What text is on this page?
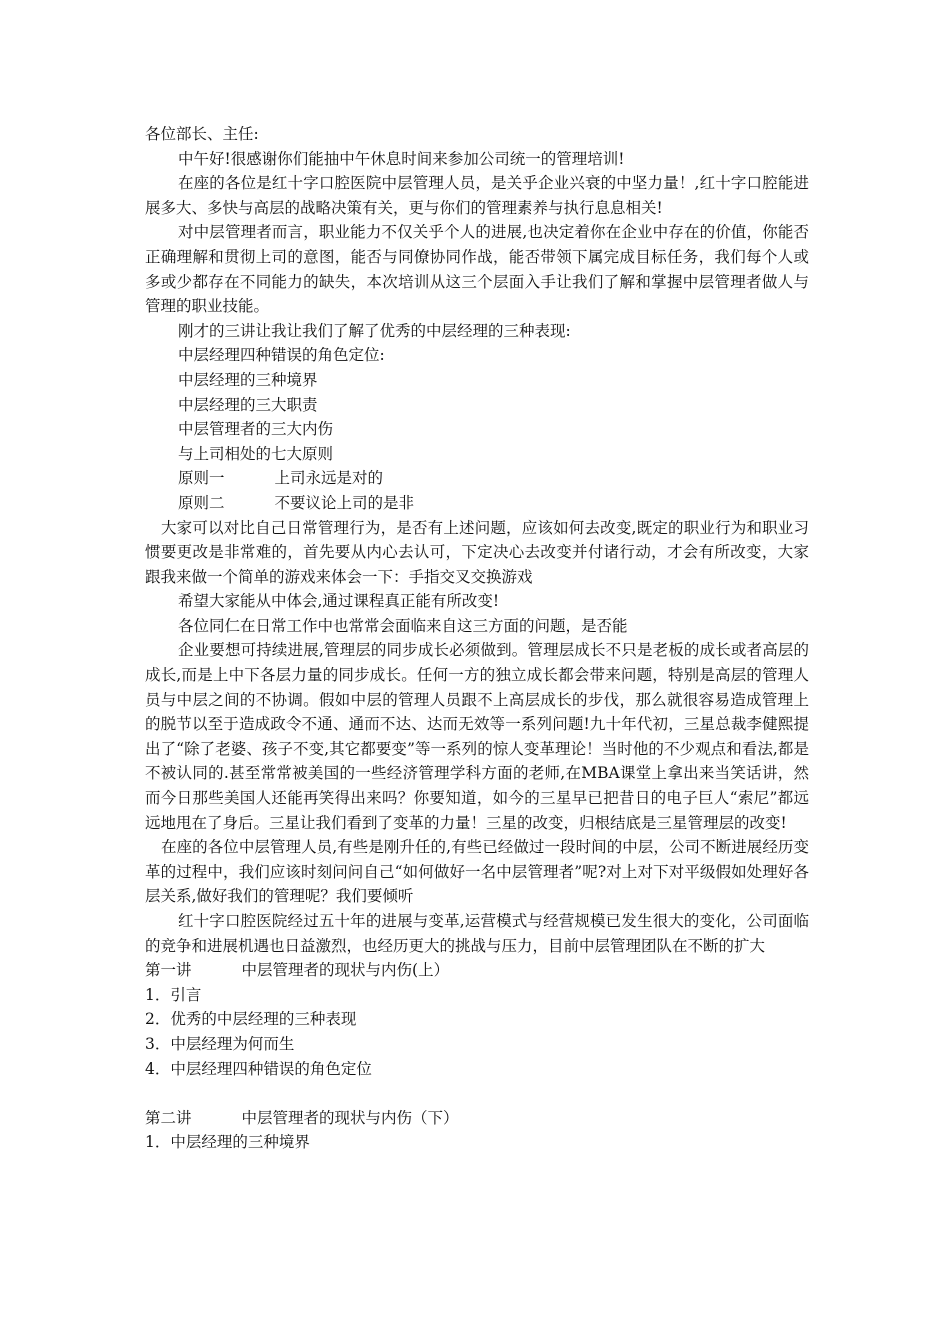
各位部长、主任:

中午好!很感谢你们能抽中午休息时间来参加公司统一的管理培训!

在座的各位是红十字口腔医院中层管理人员，是关乎企业兴衰的中坚力量！,红十字口腔能进展多大、多快与高层的战略决策有关，更与你们的管理素养与执行息息相关!

对中层管理者而言，职业能力不仅关乎个人的进展,也决定着你在企业中存在的价值，你能否正确理解和贯彻上司的意图，能否与同僚协同作战，能否带领下属完成目标任务，我们每个人或多或少都存在不同能力的缺失，本次培训从这三个层面入手让我们了解和掌握中层管理者做人与管理的职业技能。

刚才的三讲让我让我们了解了优秀的中层经理的三种表现:

中层经理四种错误的角色定位:

中层经理的三种境界

中层经理的三大职责

中层管理者的三大内伤

与上司相处的七大原则

原则一	上司永远是对的

原则二	不要议论上司的是非

大家可以对比自己日常管理行为，是否有上述问题，应该如何去改变,既定的职业行为和职业习惯要更改是非常难的，首先要从内心去认可，下定决心去改变并付诸行动，才会有所改变，大家跟我来做一个简单的游戏来体会一下：手指交叉交换游戏

希望大家能从中体会,通过课程真正能有所改变!

各位同仁在日常工作中也常常会面临来自这三方面的问题，是否能

企业要想可持续进展,管理层的同步成长必须做到。管理层成长不只是老板的成长或者高层的成长,而是上中下各层力量的同步成长。任何一方的独立成长都会带来问题，特别是高层的管理人员与中层之间的不协调。假如中层的管理人员跟不上高层成长的步伐，那么就很容易造成管理上的脱节以至于造成政令不通、通而不达、达而无效等一系列问题!九十年代初，三星总裁李健熙提出了“除了老婆、孩子不变,其它都要变”等一系列的惊人变革理论！当时他的不少观点和看法,都是不被认同的.甚至常常被美国的一些经济管理学科方面的老师,在MBA课堂上拿出来当笑话讲，然而今日那些美国人还能再笑得出来吗？你要知道，如今的三星早已把昔日的电子巨人“索尼”都远远地甩在了身后。三星让我们看到了变革的力量！三星的改变，归根结底是三星管理层的改变!

在座的各位中层管理人员,有些是刚升任的,有些已经做过一段时间的中层，公司不断进展经历变革的过程中，我们应该时刻问问自己“如何做好一名中层管理者”呢?对上对下对平级假如处理好各层关系,做好我们的管理呢？我们要倾听

红十字口腔医院经过五十年的进展与变革,运营模式与经营规模已发生很大的变化，公司面临的竞争和进展机遇也日益激烈，也经历更大的挑战与压力，目前中层管理团队在不断的扩大

第一讲	中层管理者的现状与内伤(上）

1．引言

2．优秀的中层经理的三种表现

3．中层经理为何而生

4．中层经理四种错误的角色定位

第二讲	中层管理者的现状与内伤（下）

1．中层经理的三种境界
